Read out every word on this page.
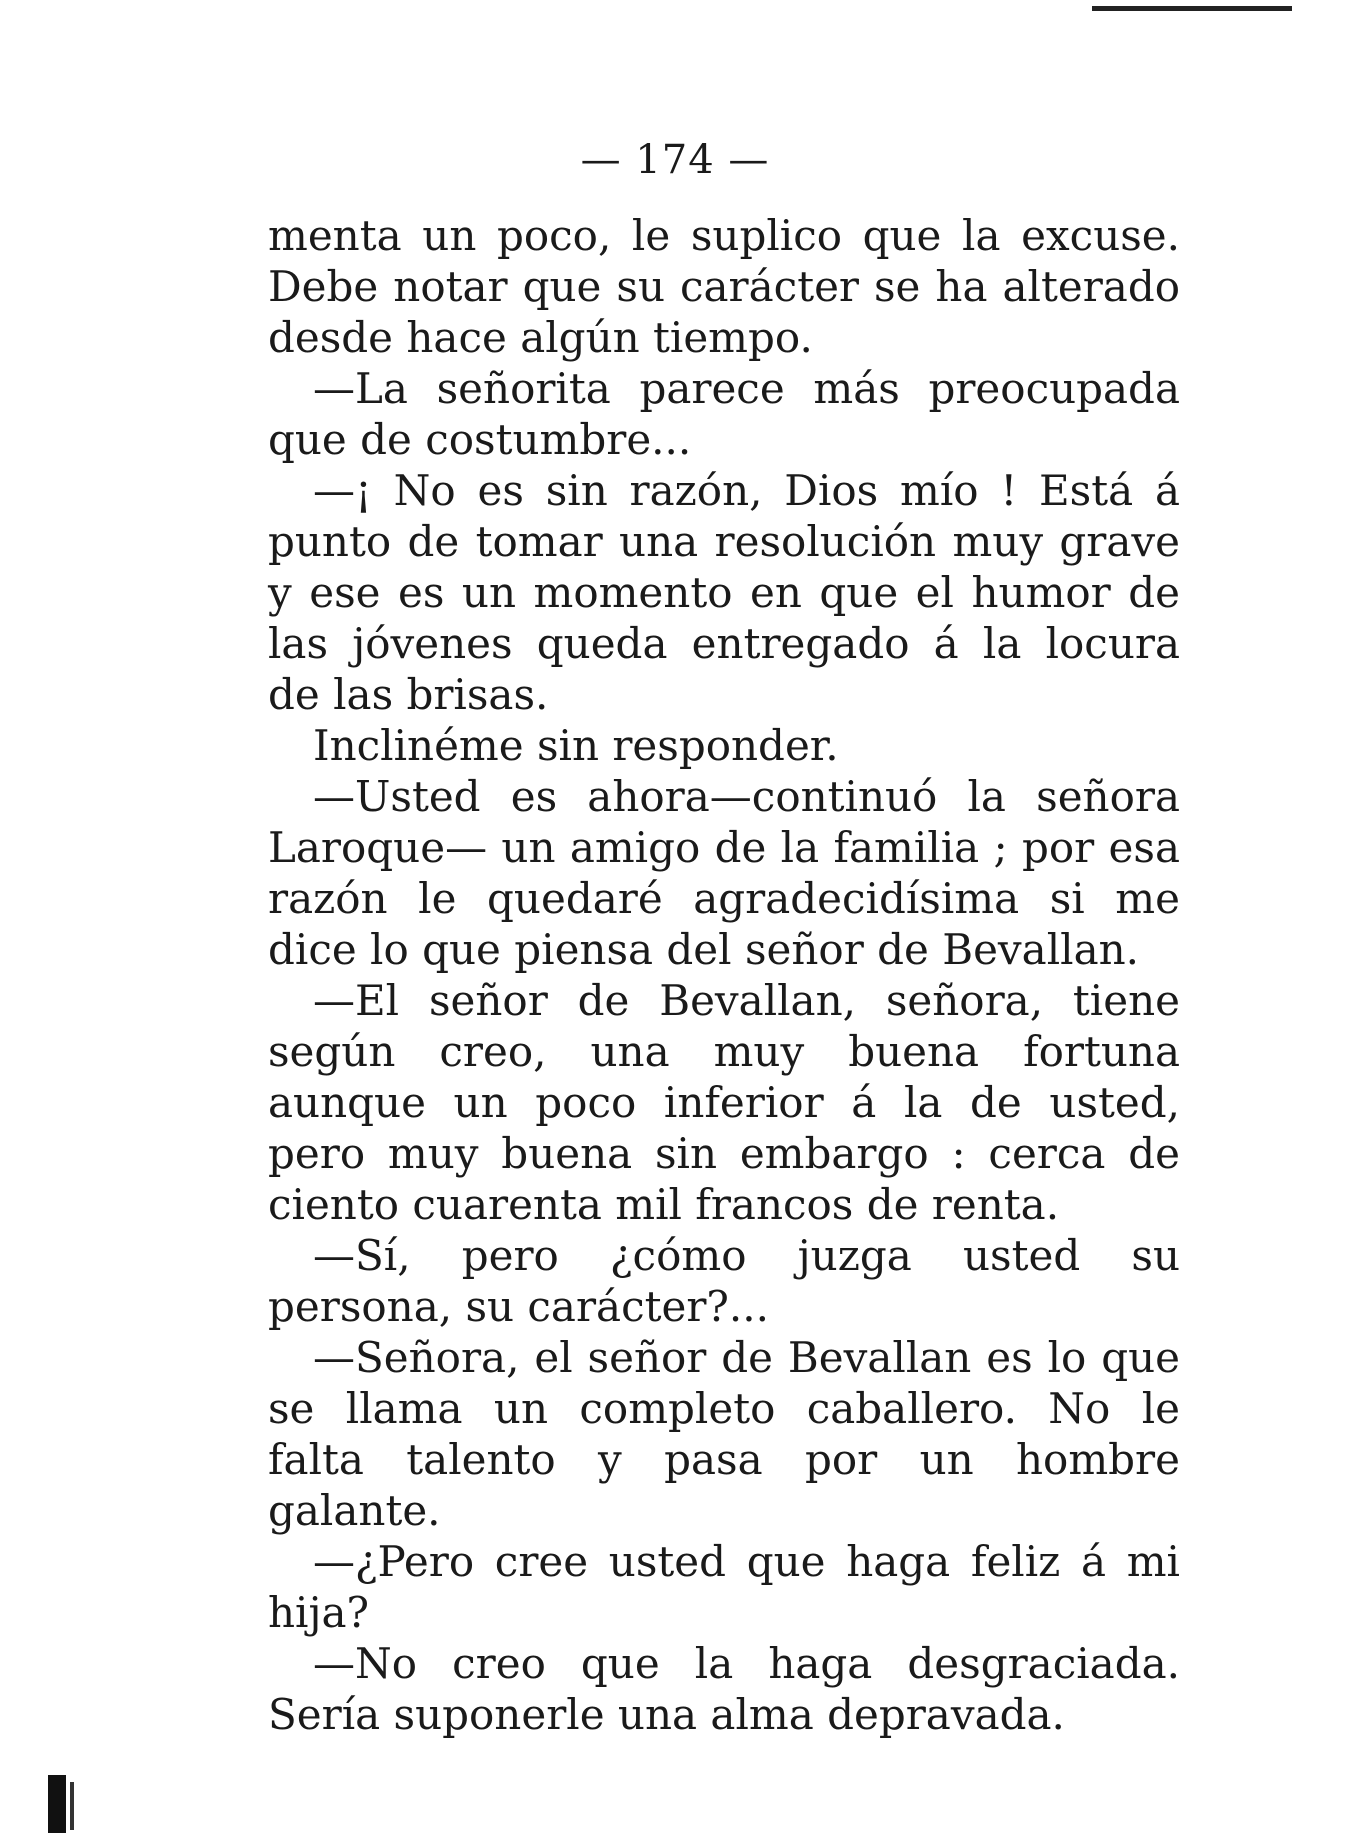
— 174 —

menta un poco, le suplico que la excuse. Debe notar que su carácter se ha alterado desde hace algún tiempo.

—La señorita parece más preocupada que de costumbre...

—¡ No es sin razón, Dios mío ! Está á punto de tomar una resolución muy grave y ese es un momento en que el humor de las jóvenes queda entregado á la locura de las brisas.

Inclinéme sin responder.

—Usted es ahora—continuó la señora Laroque— un amigo de la familia ; por esa razón le quedaré agradecidísima si me dice lo que piensa del señor de Bevallan.

—El señor de Bevallan, señora, tiene según creo, una muy buena fortuna aunque un poco inferior á la de usted, pero muy buena sin embargo : cerca de ciento cuarenta mil francos de renta.

—Sí, pero ¿cómo juzga usted su persona, su carácter?...

—Señora, el señor de Bevallan es lo que se llama un completo caballero. No le falta talento y pasa por un hombre galante.

—¿Pero cree usted que haga feliz á mi hija?

—No creo que la haga desgraciada. Sería suponerle una alma depravada.
